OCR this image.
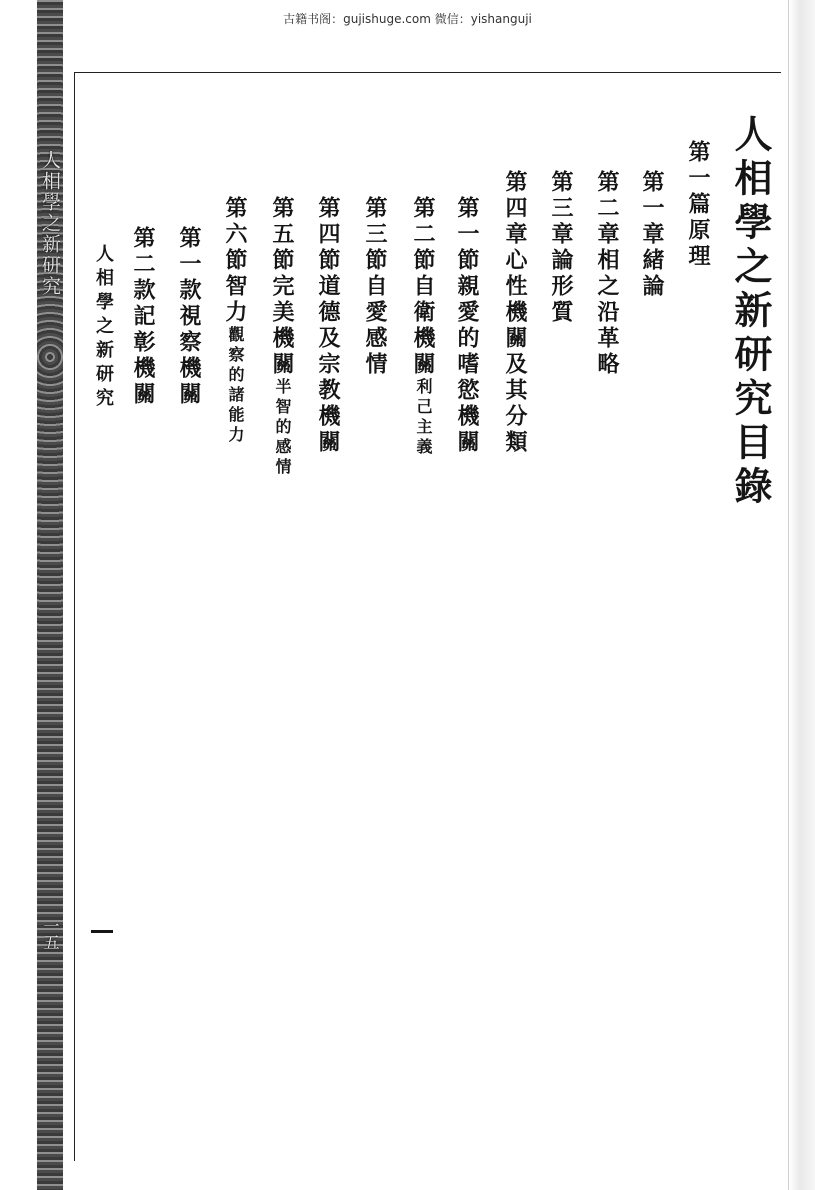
古籍书阁：gujishuge.com 微信：yishanguji
人相學之新研究
一五
人相學之新研究目錄
第一篇原理
第一章緒論
第二章相之沿革略
第三章論形質
第四章心性機關及其分類
第一節親愛的嗜慾機關
第二節自衛機關利己主義
第三節自愛感情
第四節道德及宗教機關
第五節完美機關半智的感情
第六節智力觀察的諸能力
第一款視察機關
第二款記彰機關
人相學之新研究
